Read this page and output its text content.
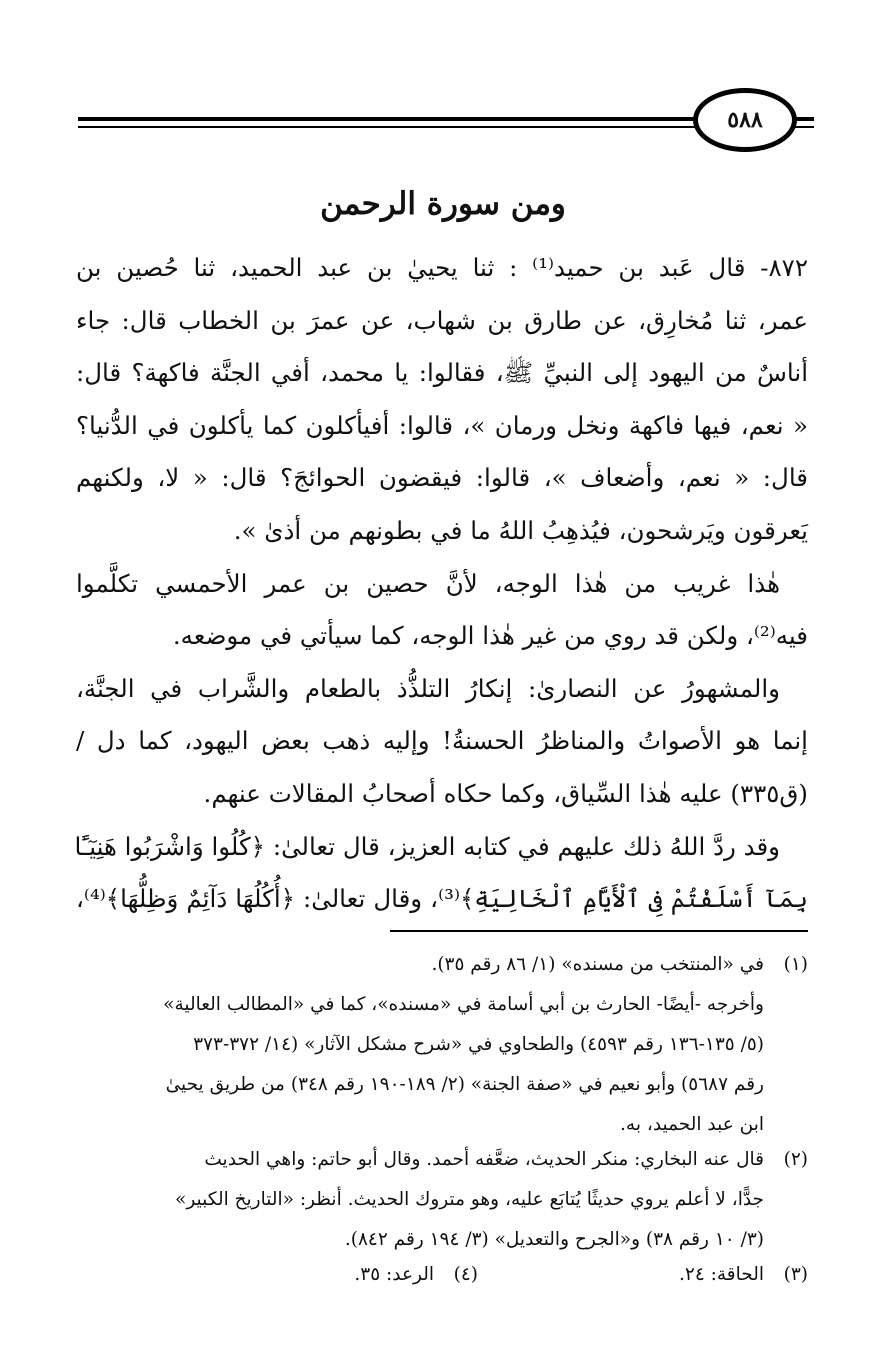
٥٨٨
ومن سورة الرحمن
٨٧٢- قال عَبد بن حميد⁽¹⁾ : ثنا يحييٰ بن عبد الحميد، ثنا حُصين بن
عمر، ثنا مُخارِق، عن طارق بن شهاب، عن عمرَ بن الخطاب قال: جاء
أناسٌ من اليهود إلى النبيِّ ﷺ، فقالوا: يا محمد، أفي الجنَّة فاكهة؟ قال:
« نعم، فيها فاكهة ونخل ورمان »، قالوا: أفيأكلون كما يأكلون في الدُّنيا؟
قال: « نعم، وأضعاف »، قالوا: فيقضون الحوائجَ؟ قال: « لا، ولكنهم
يَعرقون ويَرشحون، فيُذهِبُ اللهُ ما في بطونهم من أذىٰ ».
هٰذا غريب من هٰذا الوجه، لأنَّ حصين بن عمر الأحمسي تكلَّموا
فيه⁽²⁾، ولكن قد روي من غير هٰذا الوجه، كما سيأتي في موضعه.
والمشهورُ عن النصارىٰ: إنكارُ التلذُّذ بالطعام والشَّراب في الجنَّة،
إنما هو الأصواتُ والمناظرُ الحسنةُ! وإليه ذهب بعض اليهود، كما دل /
(ق٣٣٥) عليه هٰذا السِّياق، وكما حكاه أصحابُ المقالات عنهم.
وقد ردَّ اللهُ ذلك عليهم في كتابه العزيز، قال تعالىٰ: ﴿كُلُوا وَاشْرَبُوا هَنِيٓـًٔا
بِمَآ أَسْلَفْتُمْ فِى ٱلْأَيَّامِ ٱلْخَالِيَةِ﴾⁽³⁾، وقال تعالىٰ: ﴿أُكُلُهَا دَآئِمٌ وَظِلُّهَا﴾⁽⁴⁾،
(١)في «المنتخب من مسنده» (١/ ٨٦ رقم ٣٥).
وأخرجه -أيضًا- الحارث بن أبي أسامة في «مسنده»، كما في «المطالب العالية»
(٥/ ١٣٥-١٣٦ رقم ٤٥٩٣) والطحاوي في «شرح مشكل الآثار» (١٤/ ٣٧٢-٣٧٣
رقم ٥٦٨٧) وأبو نعيم في «صفة الجنة» (٢/ ١٨٩-١٩٠ رقم ٣٤٨) من طريق يحيىٰ
ابن عبد الحميد، به.
(٢)قال عنه البخاري: منكر الحديث، ضعَّفه أحمد. وقال أبو حاتم: واهي الحديث
جدًّا، لا أعلم يروي حديثًا يُتابَع عليه، وهو متروك الحديث. أنظر: «التاريخ الكبير»
(٣/ ١٠ رقم ٣٨) و«الجرح والتعديل» (٣/ ١٩٤ رقم ٨٤٢).
(٣)الحاقة: ٢٤.
(٤)الرعد: ٣٥.
